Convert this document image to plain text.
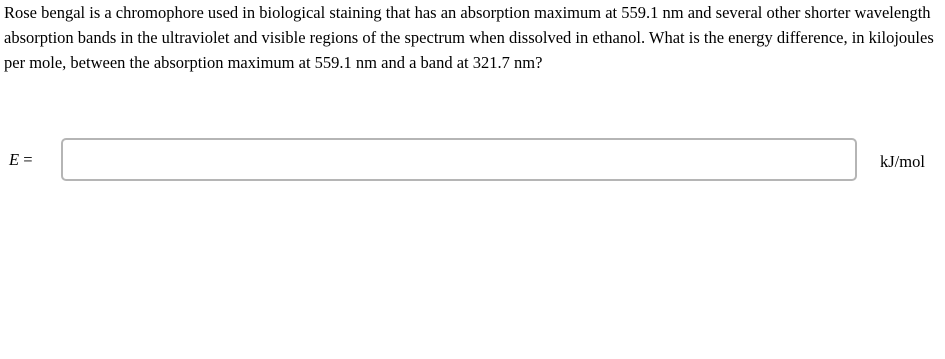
Rose bengal is a chromophore used in biological staining that has an absorption maximum at 559.1 nm and several other shorter wavelength absorption bands in the ultraviolet and visible regions of the spectrum when dissolved in ethanol. What is the energy difference, in kilojoules per mole, between the absorption maximum at 559.1 nm and a band at 321.7 nm?

E =	kJ/mol
